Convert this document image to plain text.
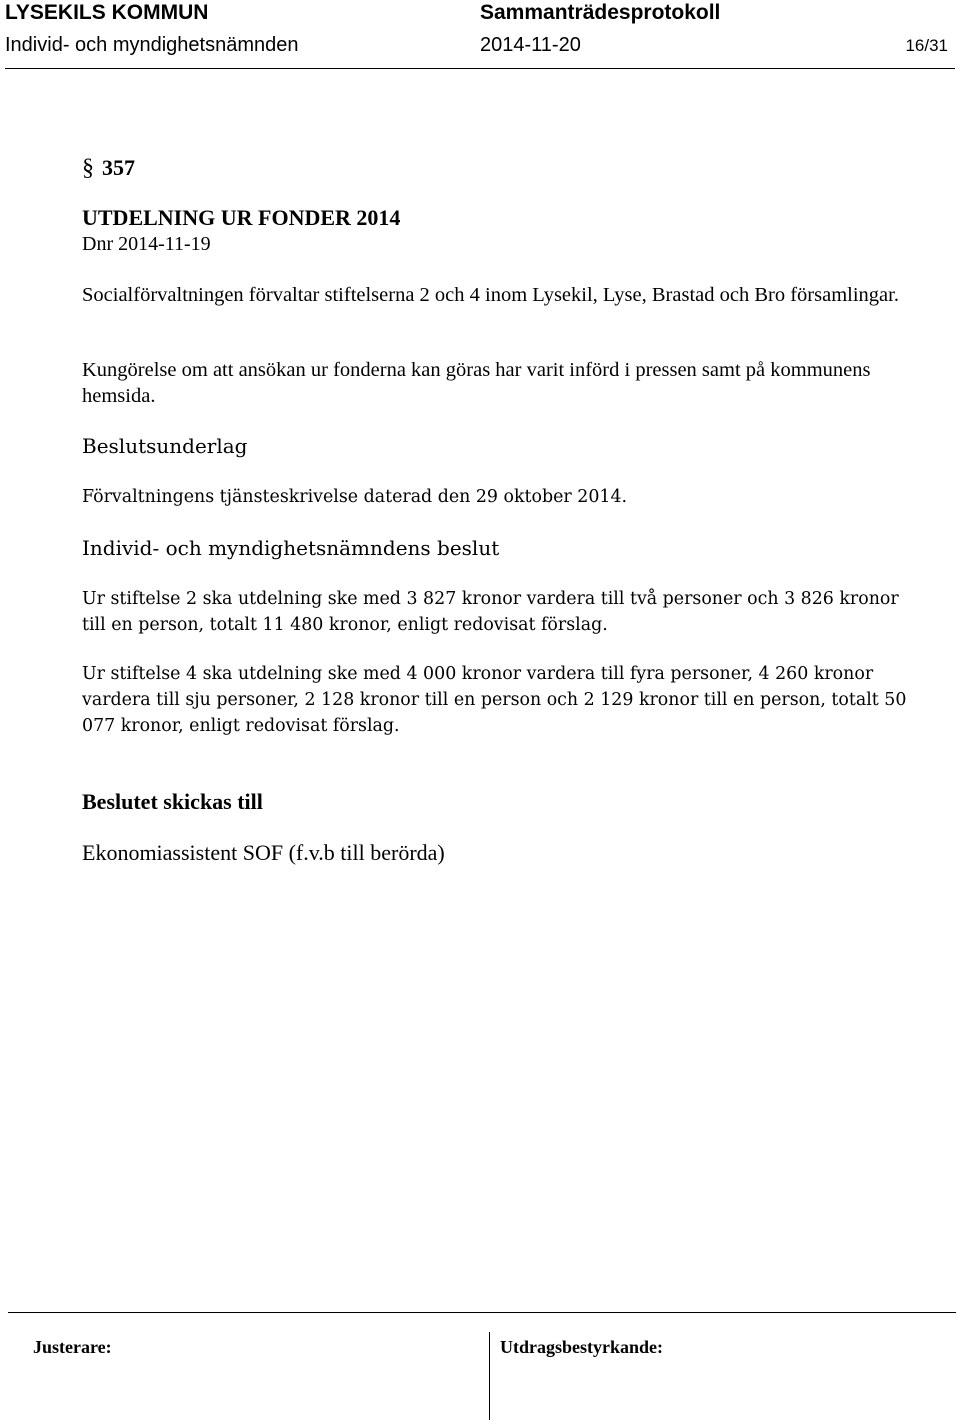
LYSEKILS KOMMUN	Sammanträdesprotokoll
Individ- och myndighetsnämnden	2014-11-20	16/31
§ 357
UTDELNING UR FONDER 2014
Dnr 2014-11-19

Socialförvaltningen förvaltar stiftelserna 2 och 4 inom Lysekil, Lyse, Brastad och Bro församlingar.

Kungörelse om att ansökan ur fonderna kan göras har varit införd i pressen samt på kommunens hemsida.

Beslutsunderlag

Förvaltningens tjänsteskrivelse daterad den 29 oktober 2014.

Individ- och myndighetsnämndens beslut

Ur stiftelse 2 ska utdelning ske med 3 827 kronor vardera till två personer och 3 826 kronor till en person, totalt 11 480 kronor, enligt redovisat förslag.

Ur stiftelse 4 ska utdelning ske med 4 000 kronor vardera till fyra personer, 4 260 kronor vardera till sju personer, 2 128 kronor till en person och 2 129 kronor till en person, totalt 50 077 kronor, enligt redovisat förslag.

Beslutet skickas till
Ekonomiassistent SOF (f.v.b till berörda)
Justerare:	Utdragsbestyrkande:
